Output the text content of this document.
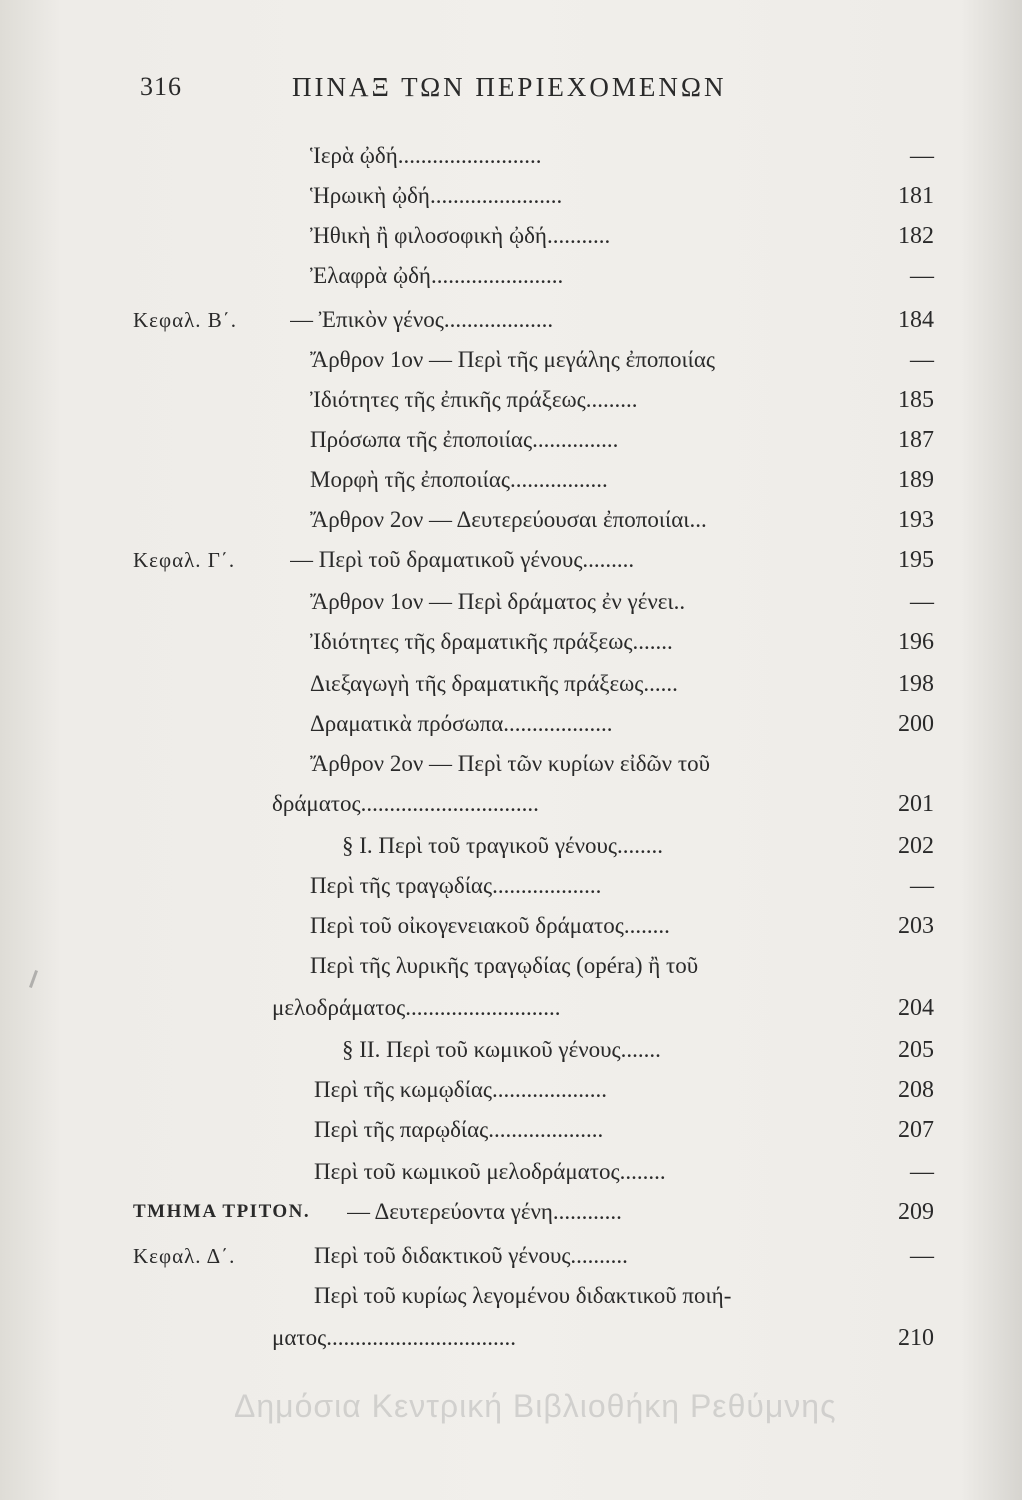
316	ΠΙΝΑΞ ΤΩΝ ΠΕΡΙΕΧΟΜΕΝΩΝ
Ἱερὰ ᾠδή.........................	—
Ἡρωικὴ ᾠδή.......................	181
Ἠθικὴ ἢ φιλοσοφικὴ ᾠδή...........	182
Ἐλαφρὰ ᾠδή.......................	—
Κεφαλ. Β΄. — Ἐπικὸν γένος...................	184
Ἄρθρον 1ον — Περὶ τῆς μεγάλης ἐποποιίας	—
Ἰδιότητες τῆς ἐπικῆς πράξεως.........	185
Πρόσωπα τῆς ἐποποιίας...............	187
Μορφὴ τῆς ἐποποιίας.................	189
Ἄρθρον 2ον — Δευτερεύουσαι ἐποποιίαι...	193
Κεφαλ. Γ΄. — Περὶ τοῦ δραματικοῦ γένους.........	195
Ἄρθρον 1ον — Περὶ δράματος ἐν γένει..	—
Ἰδιότητες τῆς δραματικῆς πράξεως.......	196
Διεξαγωγὴ τῆς δραματικῆς πράξεως......	198
Δραματικὰ πρόσωπα...................	200
Ἄρθρον 2ον — Περὶ τῶν κυρίων εἰδῶν τοῦ
δράματος...............................	201
§ I. Περὶ τοῦ τραγικοῦ γένους........	202
Περὶ τῆς τραγῳδίας...................	—
Περὶ τοῦ οἰκογενειακοῦ δράματος........	203
Περὶ τῆς λυρικῆς τραγῳδίας (opéra) ἢ τοῦ
μελοδράματος...........................	204
§ II. Περὶ τοῦ κωμικοῦ γένους.......	205
Περὶ τῆς κωμῳδίας....................	208
Περὶ τῆς παρῳδίας....................	207
Περὶ τοῦ κωμικοῦ μελοδράματος........	—
ΤΜΗΜΑ ΤΡΙΤΟΝ. — Δευτερεύοντα γένη............	209
Κεφαλ. Δ΄.	Περὶ τοῦ διδακτικοῦ γένους..........	—
Περὶ τοῦ κυρίως λεγομένου διδακτικοῦ ποιή-
ματος.................................	210
Δημόσια Κεντρική Βιβλιοθήκη Ρεθύμνης
